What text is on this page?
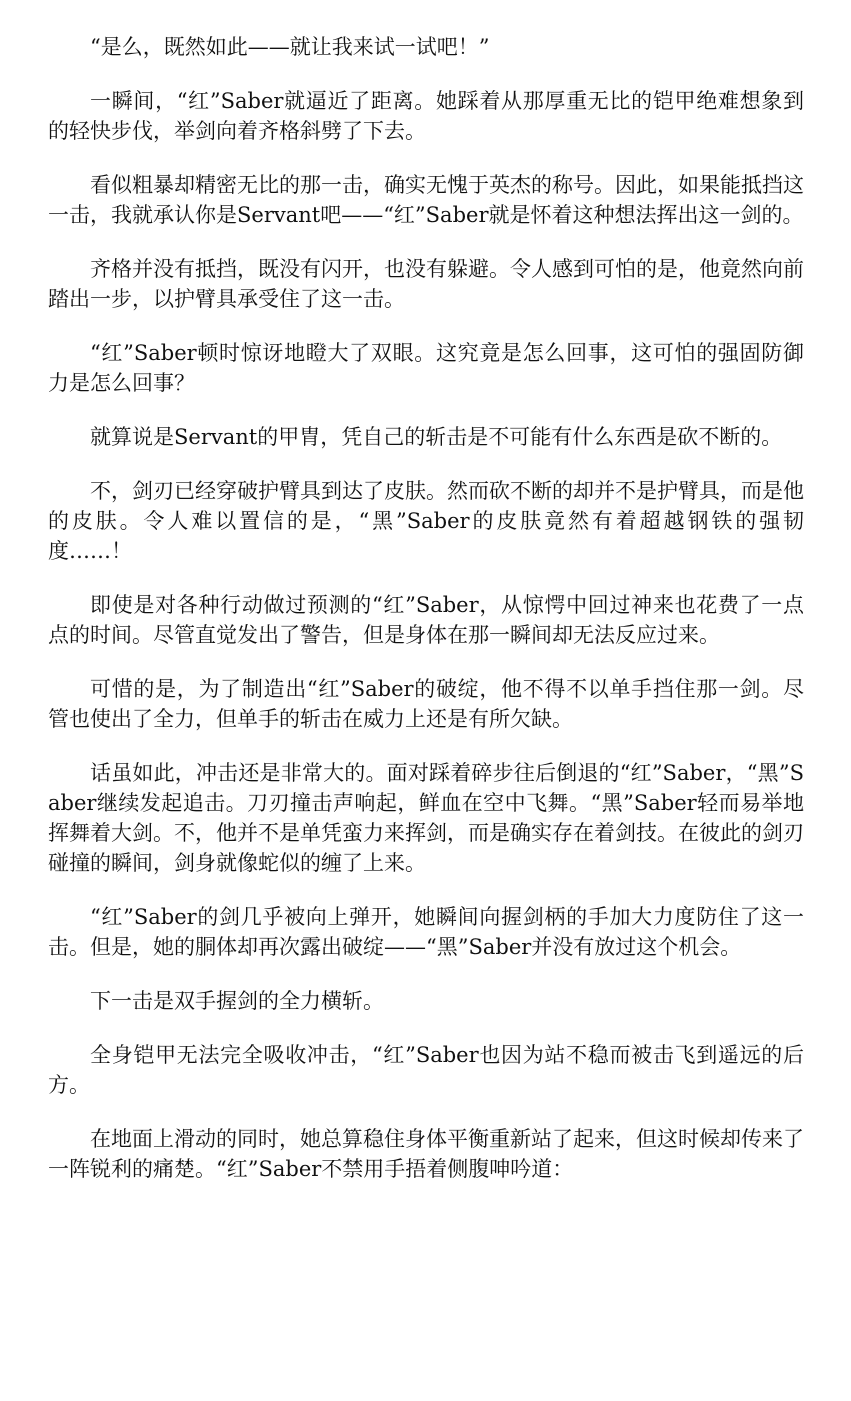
“是么，既然如此——就让我来试一试吧！”

一瞬间，“红”Saber就逼近了距离。她踩着从那厚重无比的铠甲绝难想象到的轻快步伐，举剑向着齐格斜劈了下去。

看似粗暴却精密无比的那一击，确实无愧于英杰的称号。因此，如果能抵挡这一击，我就承认你是Servant吧——“红”Saber就是怀着这种想法挥出这一剑的。

齐格并没有抵挡，既没有闪开，也没有躲避。令人感到可怕的是，他竟然向前踏出一步，以护臂具承受住了这一击。

“红”Saber顿时惊讶地瞪大了双眼。这究竟是怎么回事，这可怕的强固防御力是怎么回事？

就算说是Servant的甲胄，凭自己的斩击是不可能有什么东西是砍不断的。

不，剑刃已经穿破护臂具到达了皮肤。然而砍不断的却并不是护臂具，而是他的皮肤。令人难以置信的是，“黑”Saber的皮肤竟然有着超越钢铁的强韧度……！

即使是对各种行动做过预测的“红”Saber，从惊愕中回过神来也花费了一点点的时间。尽管直觉发出了警告，但是身体在那一瞬间却无法反应过来。

可惜的是，为了制造出“红”Saber的破绽，他不得不以单手挡住那一剑。尽管也使出了全力，但单手的斩击在威力上还是有所欠缺。

话虽如此，冲击还是非常大的。面对踩着碎步往后倒退的“红”Saber，“黑”Saber继续发起追击。刀刃撞击声响起，鲜血在空中飞舞。“黑”Saber轻而易举地挥舞着大剑。不，他并不是单凭蛮力来挥剑，而是确实存在着剑技。在彼此的剑刃碰撞的瞬间，剑身就像蛇似的缠了上来。

“红”Saber的剑几乎被向上弹开，她瞬间向握剑柄的手加大力度防住了这一击。但是，她的胴体却再次露出破绽——“黑”Saber并没有放过这个机会。

下一击是双手握剑的全力横斩。

全身铠甲无法完全吸收冲击，“红”Saber也因为站不稳而被击飞到遥远的后方。

在地面上滑动的同时，她总算稳住身体平衡重新站了起来，但这时候却传来了一阵锐利的痛楚。“红”Saber不禁用手捂着侧腹呻吟道：
